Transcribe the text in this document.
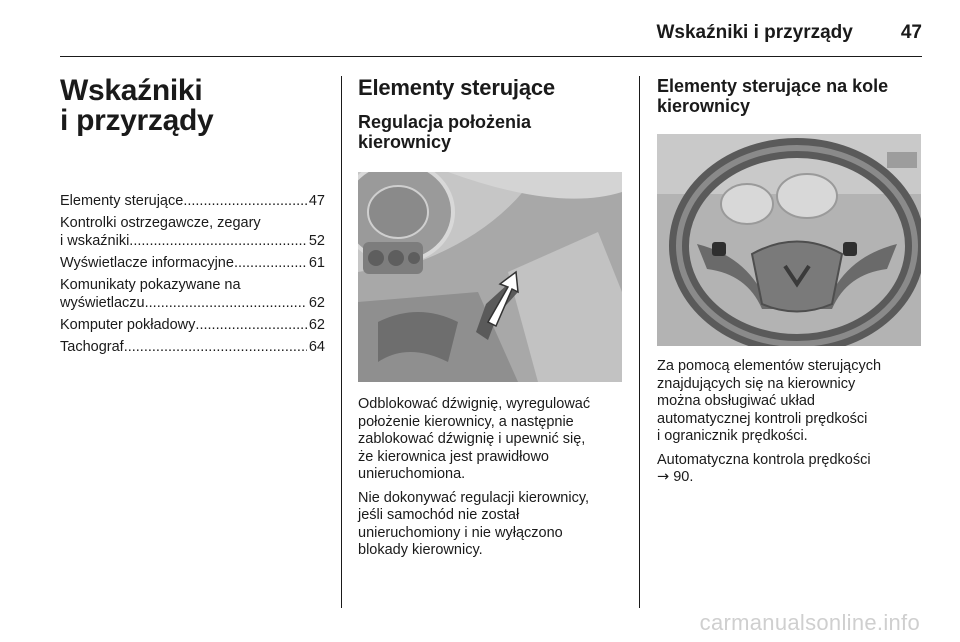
Wskaźniki i przyrządy	47
Wskaźniki
i przyrządy
Elementy sterujące .....	47
Kontrolki ostrzegawcze, zegary
i wskaźniki .....	52
Wyświetlacze informacyjne .....	61
Komunikaty pokazywane na
wyświetlaczu .....	62
Komputer pokładowy .....	62
Tachograf .....	64
Elementy sterujące
Regulacja położenia
kierownicy

Odblokować dźwignię, wyregulować
położenie kierownicy, a następnie
zablokować dźwignię i upewnić się,
że kierownica jest prawidłowo
unieruchomiona.

Nie dokonywać regulacji kierownicy,
jeśli samochód nie został
unieruchomiony i nie wyłączono
blokady kierownicy.

Elementy sterujące na kole
kierownicy

Za pomocą elementów sterujących
znajdujących się na kierownicy
można obsługiwać układ
automatycznej kontroli prędkości
i ogranicznik prędkości.

Automatyczna kontrola prędkości
→ 90.

carmanualsonline.info
